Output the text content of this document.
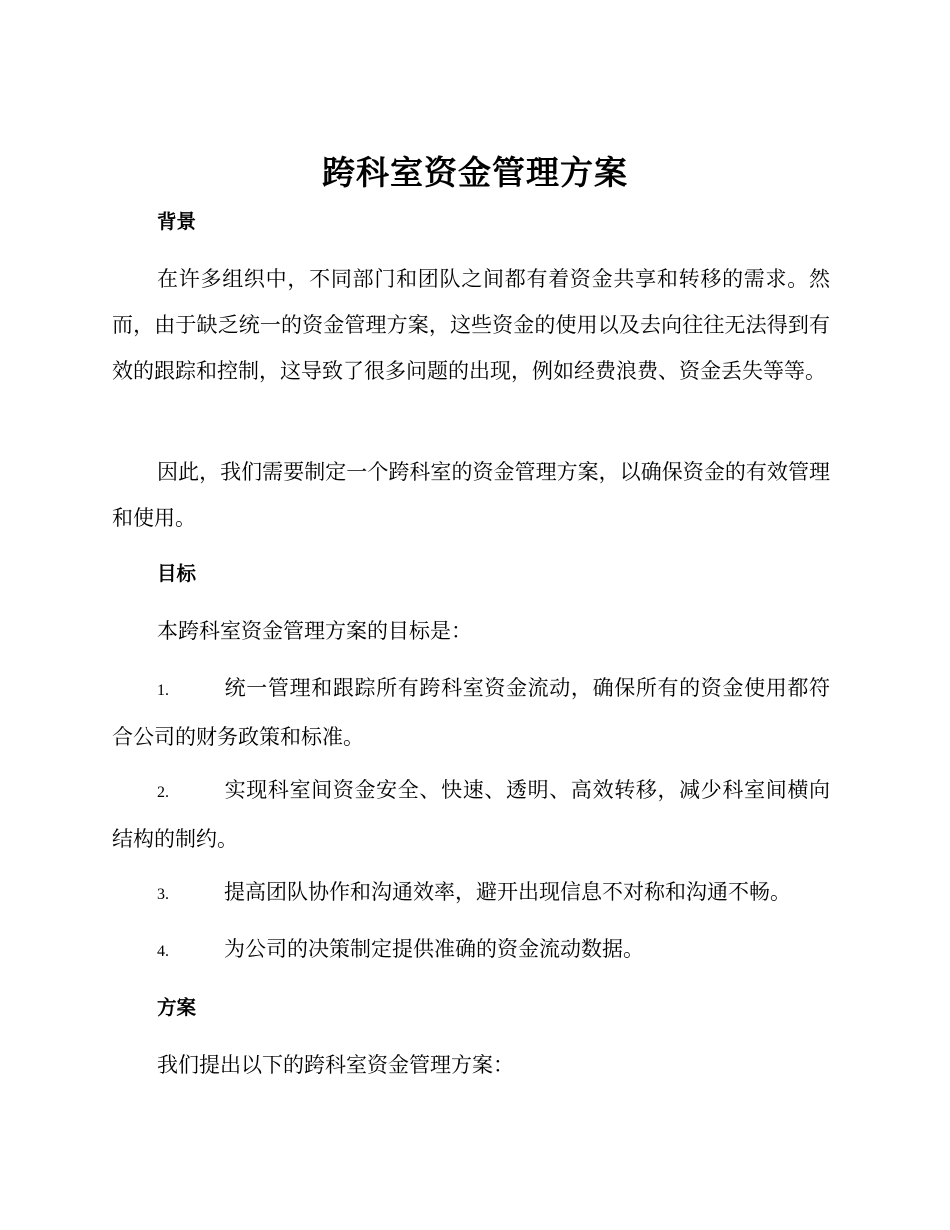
跨科室资金管理方案
背景

在许多组织中，不同部门和团队之间都有着资金共享和转移的需求。然而，由于缺乏统一的资金管理方案，这些资金的使用以及去向往往无法得到有效的跟踪和控制，这导致了很多问题的出现，例如经费浪费、资金丢失等等。

因此，我们需要制定一个跨科室的资金管理方案，以确保资金的有效管理和使用。

目标

本跨科室资金管理方案的目标是：

1.	统一管理和跟踪所有跨科室资金流动，确保所有的资金使用都符合公司的财务政策和标准。

2.	实现科室间资金安全、快速、透明、高效转移，减少科室间横向结构的制约。

3.	提高团队协作和沟通效率，避开出现信息不对称和沟通不畅。

4.	为公司的决策制定提供准确的资金流动数据。

方案

我们提出以下的跨科室资金管理方案：
